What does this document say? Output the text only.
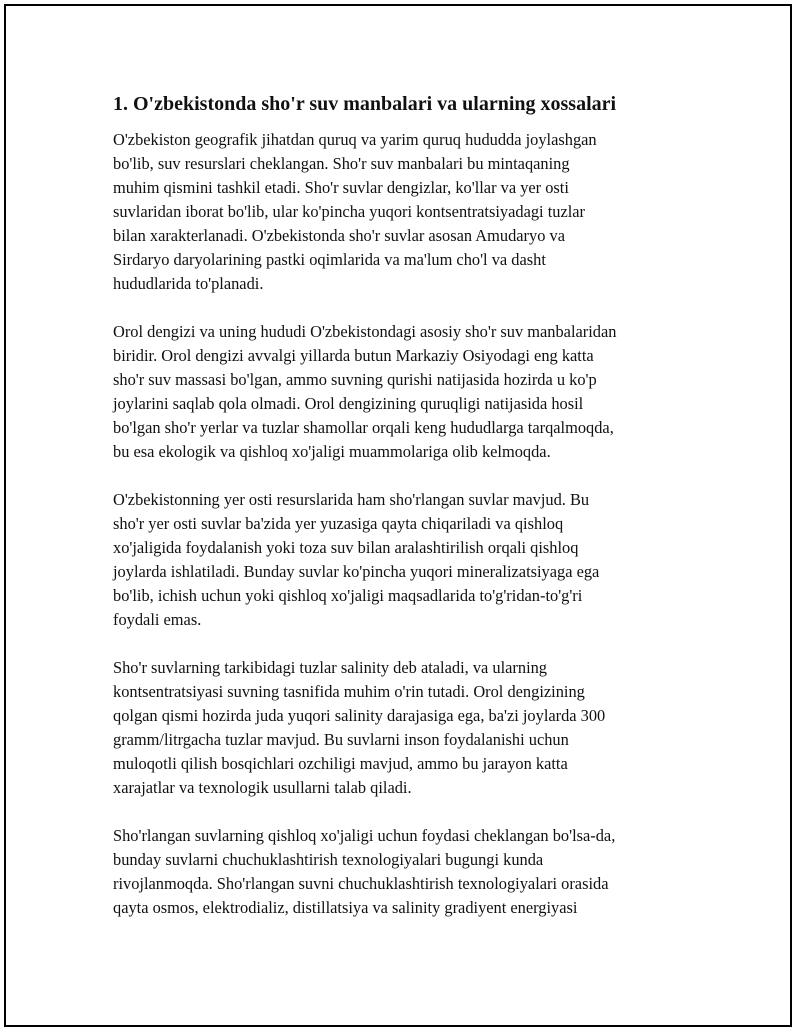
1. O'zbekistonda sho'r suv manbalari va ularning xossalari
O'zbekiston geografik jihatdan quruq va yarim quruq hududda joylashgan
bo'lib, suv resurslari cheklangan. Sho'r suv manbalari bu mintaqaning
muhim qismini tashkil etadi. Sho'r suvlar dengizlar, ko'llar va yer osti
suvlaridan iborat bo'lib, ular ko'pincha yuqori kontsentratsiyadagi tuzlar
bilan xarakterlanadi. O'zbekistonda sho'r suvlar asosan Amudaryo va
Sirdaryo daryolarining pastki oqimlarida va ma'lum cho'l va dasht
hududlarida to'planadi.
Orol dengizi va uning hududi O'zbekistondagi asosiy sho'r suv manbalaridan
biridir. Orol dengizi avvalgi yillarda butun Markaziy Osiyodagi eng katta
sho'r suv massasi bo'lgan, ammo suvning qurishi natijasida hozirda u ko'p
joylarini saqlab qola olmadi. Orol dengizining quruqligi natijasida hosil
bo'lgan sho'r yerlar va tuzlar shamollar orqali keng hududlarga tarqalmoqda,
bu esa ekologik va qishloq xo'jaligi muammolariga olib kelmoqda.
O'zbekistonning yer osti resurslarida ham sho'rlangan suvlar mavjud. Bu
sho'r yer osti suvlar ba'zida yer yuzasiga qayta chiqariladi va qishloq
xo'jaligida foydalanish yoki toza suv bilan aralashtirilish orqali qishloq
joylarda ishlatiladi. Bunday suvlar ko'pincha yuqori mineralizatsiyaga ega
bo'lib, ichish uchun yoki qishloq xo'jaligi maqsadlarida to'g'ridan-to'g'ri
foydali emas.
Sho'r suvlarning tarkibidagi tuzlar salinity deb ataladi, va ularning
kontsentratsiyasi suvning tasnifida muhim o'rin tutadi. Orol dengizining
qolgan qismi hozirda juda yuqori salinity darajasiga ega, ba'zi joylarda 300
gramm/litrgacha tuzlar mavjud. Bu suvlarni inson foydalanishi uchun
muloqotli qilish bosqichlari ozchiligi mavjud, ammo bu jarayon katta
xarajatlar va texnologik usullarni talab qiladi.
Sho'rlangan suvlarning qishloq xo'jaligi uchun foydasi cheklangan bo'lsa-da,
bunday suvlarni chuchuklashtirish texnologiyalari bugungi kunda
rivojlanmoqda. Sho'rlangan suvni chuchuklashtirish texnologiyalari orasida
qayta osmos, elektrodializ, distillatsiya va salinity gradiyent energiyasi
